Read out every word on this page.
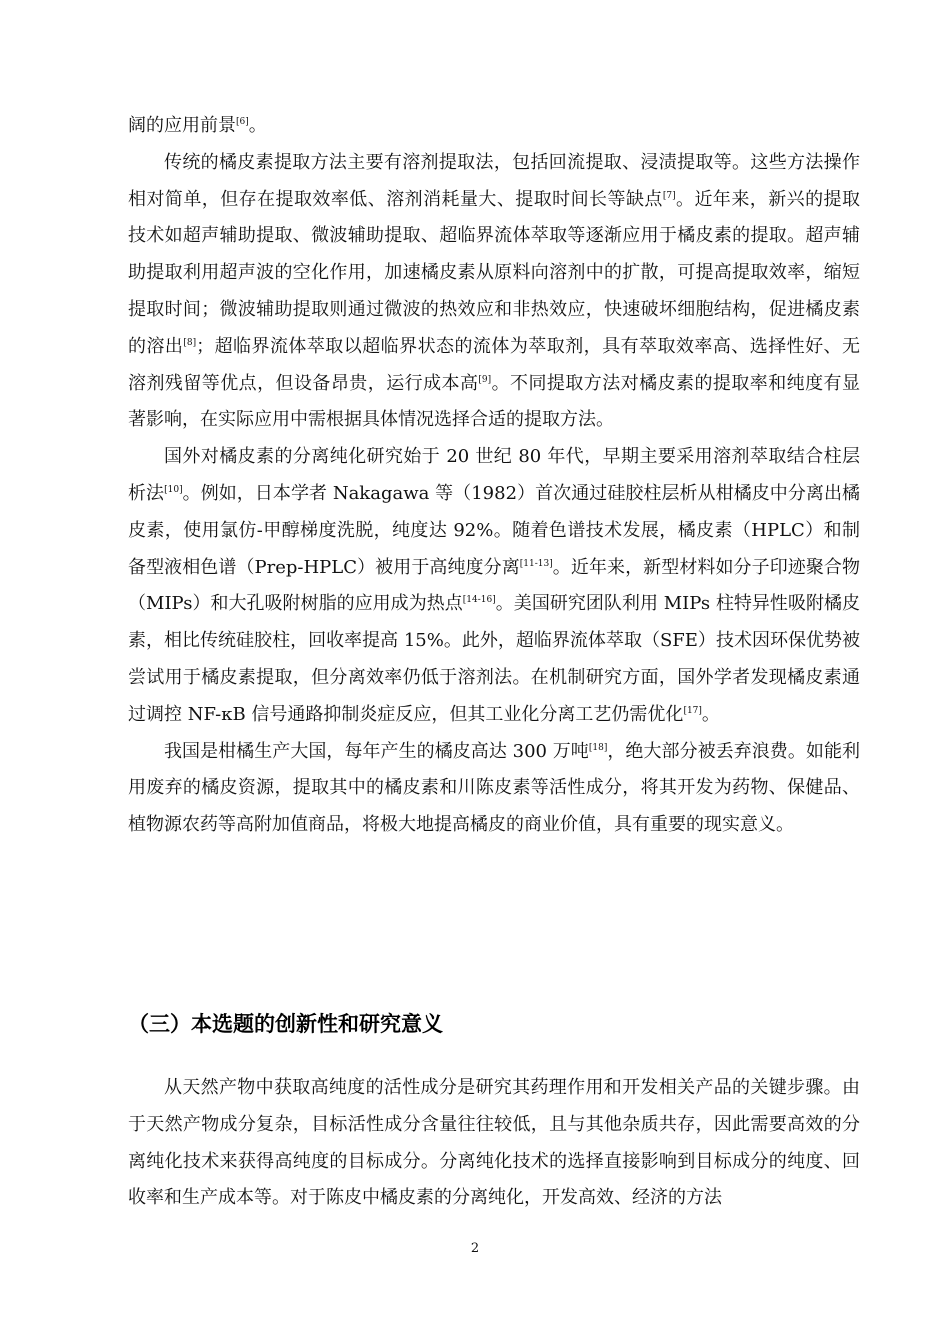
阔的应用前景[6]。

传统的橘皮素提取方法主要有溶剂提取法，包括回流提取、浸渍提取等。这些方法操作相对简单，但存在提取效率低、溶剂消耗量大、提取时间长等缺点[7]。近年来，新兴的提取技术如超声辅助提取、微波辅助提取、超临界流体萃取等逐渐应用于橘皮素的提取。超声辅助提取利用超声波的空化作用，加速橘皮素从原料向溶剂中的扩散，可提高提取效率，缩短提取时间；微波辅助提取则通过微波的热效应和非热效应，快速破坏细胞结构，促进橘皮素的溶出[8]；超临界流体萃取以超临界状态的流体为萃取剂，具有萃取效率高、选择性好、无溶剂残留等优点，但设备昂贵，运行成本高[9]。不同提取方法对橘皮素的提取率和纯度有显著影响，在实际应用中需根据具体情况选择合适的提取方法。

国外对橘皮素的分离纯化研究始于 20 世纪 80 年代，早期主要采用溶剂萃取结合柱层析法[10]。例如，日本学者 Nakagawa 等（1982）首次通过硅胶柱层析从柑橘皮中分离出橘皮素，使用氯仿-甲醇梯度洗脱，纯度达 92%。随着色谱技术发展，橘皮素（HPLC）和制备型液相色谱（Prep-HPLC）被用于高纯度分离[11-13]。近年来，新型材料如分子印迹聚合物（MIPs）和大孔吸附树脂的应用成为热点[14-16]。美国研究团队利用 MIPs 柱特异性吸附橘皮素，相比传统硅胶柱，回收率提高 15%。此外，超临界流体萃取（SFE）技术因环保优势被尝试用于橘皮素提取，但分离效率仍低于溶剂法。在机制研究方面，国外学者发现橘皮素通过调控 NF-κB 信号通路抑制炎症反应，但其工业化分离工艺仍需优化[17]。

我国是柑橘生产大国，每年产生的橘皮高达 300 万吨[18]，绝大部分被丢弃浪费。如能利用废弃的橘皮资源，提取其中的橘皮素和川陈皮素等活性成分，将其开发为药物、保健品、植物源农药等高附加值商品，将极大地提高橘皮的商业价值，具有重要的现实意义。

（三）本选题的创新性和研究意义

从天然产物中获取高纯度的活性成分是研究其药理作用和开发相关产品的关键步骤。由于天然产物成分复杂，目标活性成分含量往往较低，且与其他杂质共存，因此需要高效的分离纯化技术来获得高纯度的目标成分。分离纯化技术的选择直接影响到目标成分的纯度、回收率和生产成本等。对于陈皮中橘皮素的分离纯化，开发高效、经济的方法

2
